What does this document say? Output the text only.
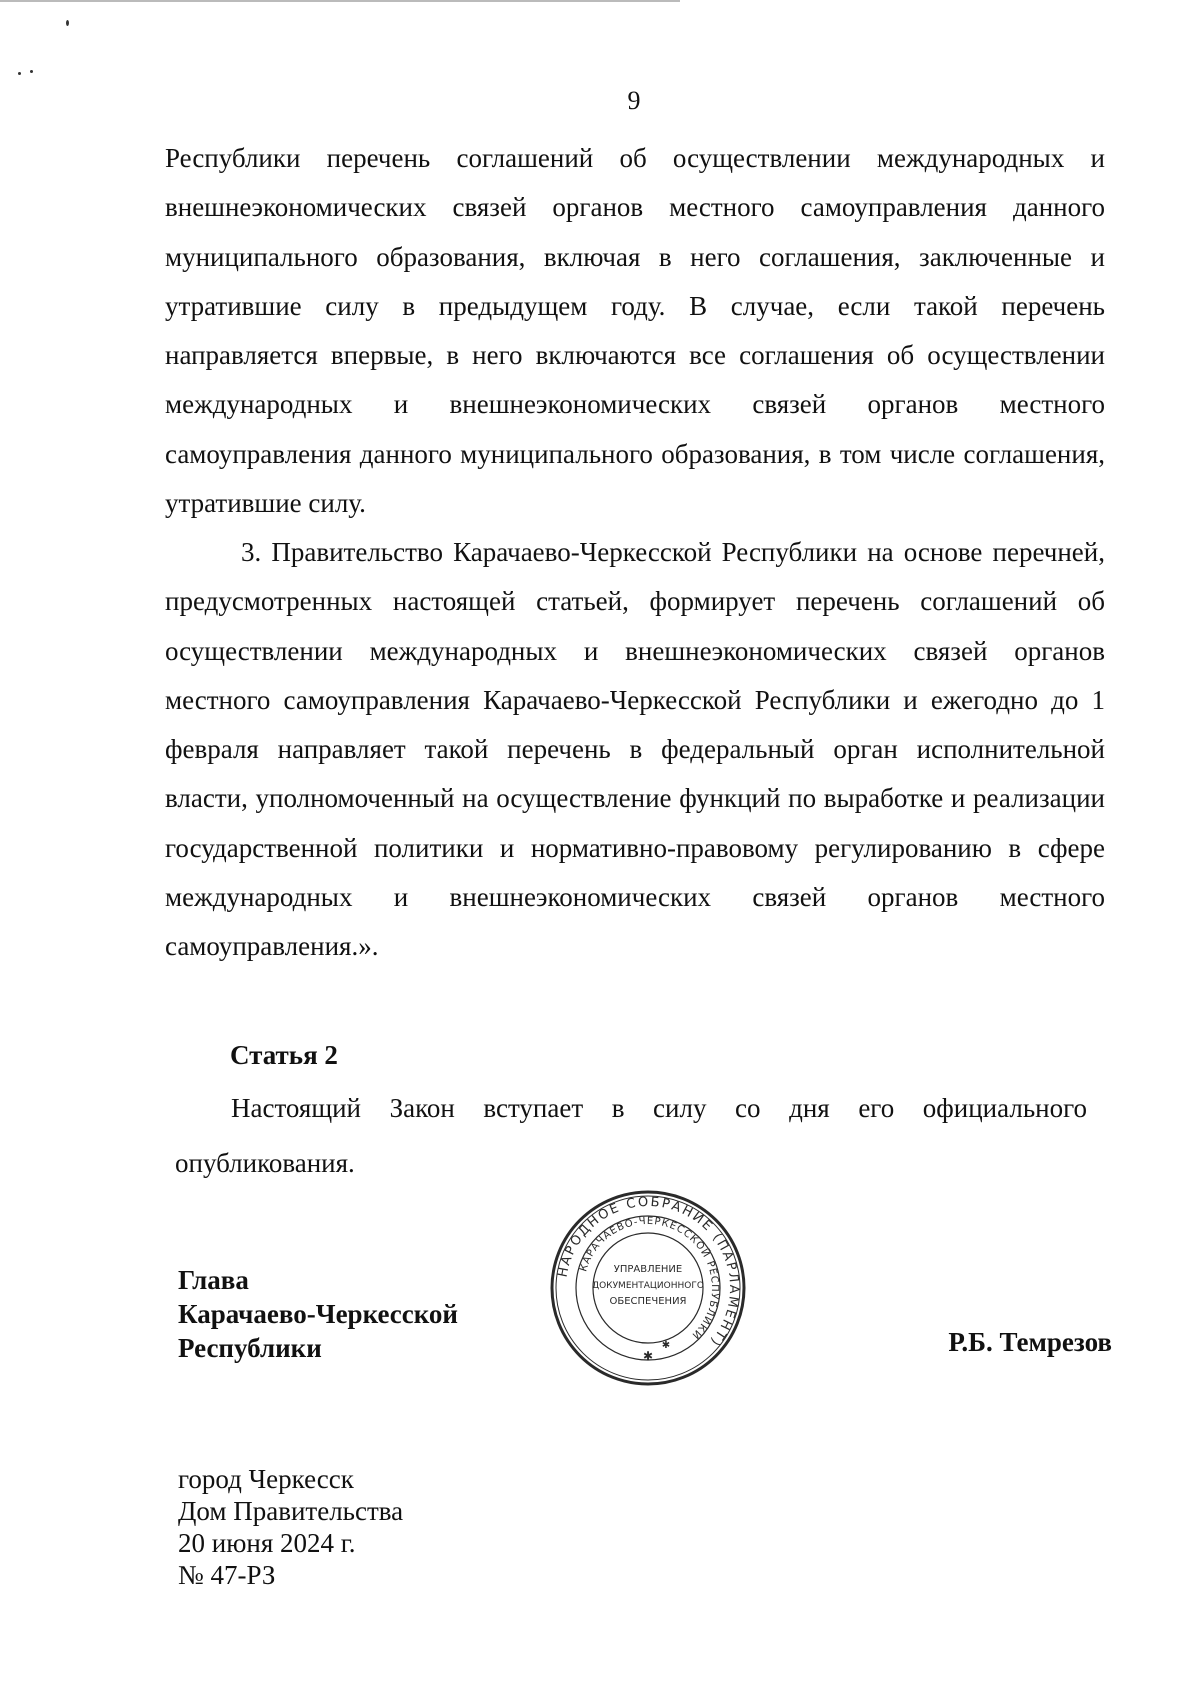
9

Республики перечень соглашений об осуществлении международных и внешнеэкономических связей органов местного самоуправления данного муниципального образования, включая в него соглашения, заключенные и утратившие силу в предыдущем году. В случае, если такой перечень направляется впервые, в него включаются все соглашения об осуществлении международных и внешнеэкономических связей органов местного самоуправления данного муниципального образования, в том числе соглашения, утратившие силу.

3. Правительство Карачаево-Черкесской Республики на основе перечней, предусмотренных настоящей статьей, формирует перечень соглашений об осуществлении международных и внешнеэкономических связей органов местного самоуправления Карачаево-Черкесской Республики и ежегодно до 1 февраля направляет такой перечень в федеральный орган исполнительной власти, уполномоченный на осуществление функций по выработке и реализации государственной политики и нормативно-правовому регулированию в сфере международных и внешнеэкономических связей органов местного самоуправления.».

Статья 2

Настоящий Закон вступает в силу со дня его официального опубликования.

Глава
Карачаево-Черкесской
Республики
НАРОДНОЕ СОБРАНИЕ (ПАРЛАМЕНТ)
КАРАЧАЕВО-ЧЕРКЕССКОЙ РЕСПУБЛИКИ
УПРАВЛЕНИЕ
ДОКУМЕНТАЦИОННОГО
ОБЕСПЕЧЕНИЯ
✱
✱	Р.Б. Темрезов
город Черкесск
Дом Правительства
20 июня 2024 г.
№ 47-РЗ
